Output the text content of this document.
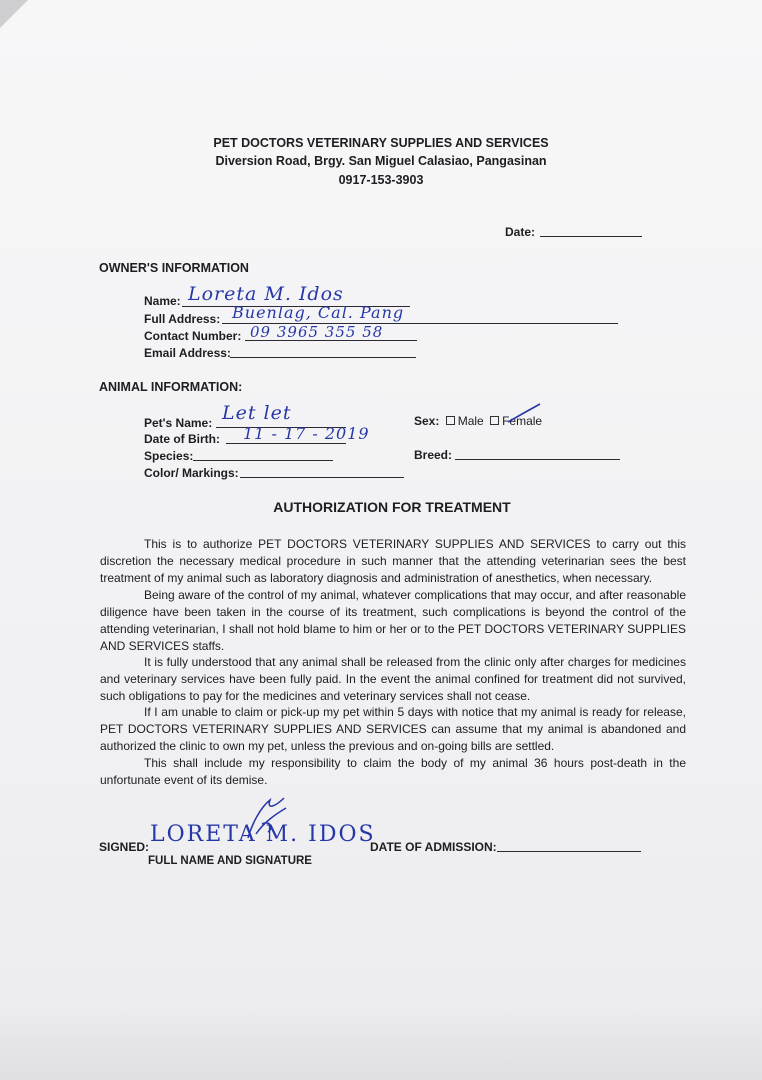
PET DOCTORS VETERINARY SUPPLIES AND SERVICES
Diversion Road, Brgy. San Miguel Calasiao, Pangasinan
0917-153-3903
Date:
OWNER'S INFORMATION
Name: Loreta M. Idos
Full Address: Buenlag, Cal. Pang
Contact Number: 09 3965 355 58
Email Address:
ANIMAL INFORMATION:
Pet's Name: Let let
Date of Birth: 11 - 17 - 2019
Species:
Color/ Markings:
Sex: Male Female
Breed:
AUTHORIZATION FOR TREATMENT
This is to authorize PET DOCTORS VETERINARY SUPPLIES AND SERVICES to carry out this discretion the necessary medical procedure in such manner that the attending veterinarian sees the best treatment of my animal such as laboratory diagnosis and administration of anesthetics, when necessary.
Being aware of the control of my animal, whatever complications that may occur, and after reasonable diligence have been taken in the course of its treatment, such complications is beyond the control of the attending veterinarian, I shall not hold blame to him or her or to the PET DOCTORS VETERINARY SUPPLIES AND SERVICES staffs.
It is fully understood that any animal shall be released from the clinic only after charges for medicines and veterinary services have been fully paid. In the event the animal confined for treatment did not survived, such obligations to pay for the medicines and veterinary services shall not cease.
If I am unable to claim or pick-up my pet within 5 days with notice that my animal is ready for release, PET DOCTORS VETERINARY SUPPLIES AND SERVICES can assume that my animal is abandoned and authorized the clinic to own my pet, unless the previous and on-going bills are settled.
This shall include my responsibility to claim the body of my animal 36 hours post-death in the unfortunate event of its demise.
SIGNED: LORETA M. IDOS
FULL NAME AND SIGNATURE
DATE OF ADMISSION:
